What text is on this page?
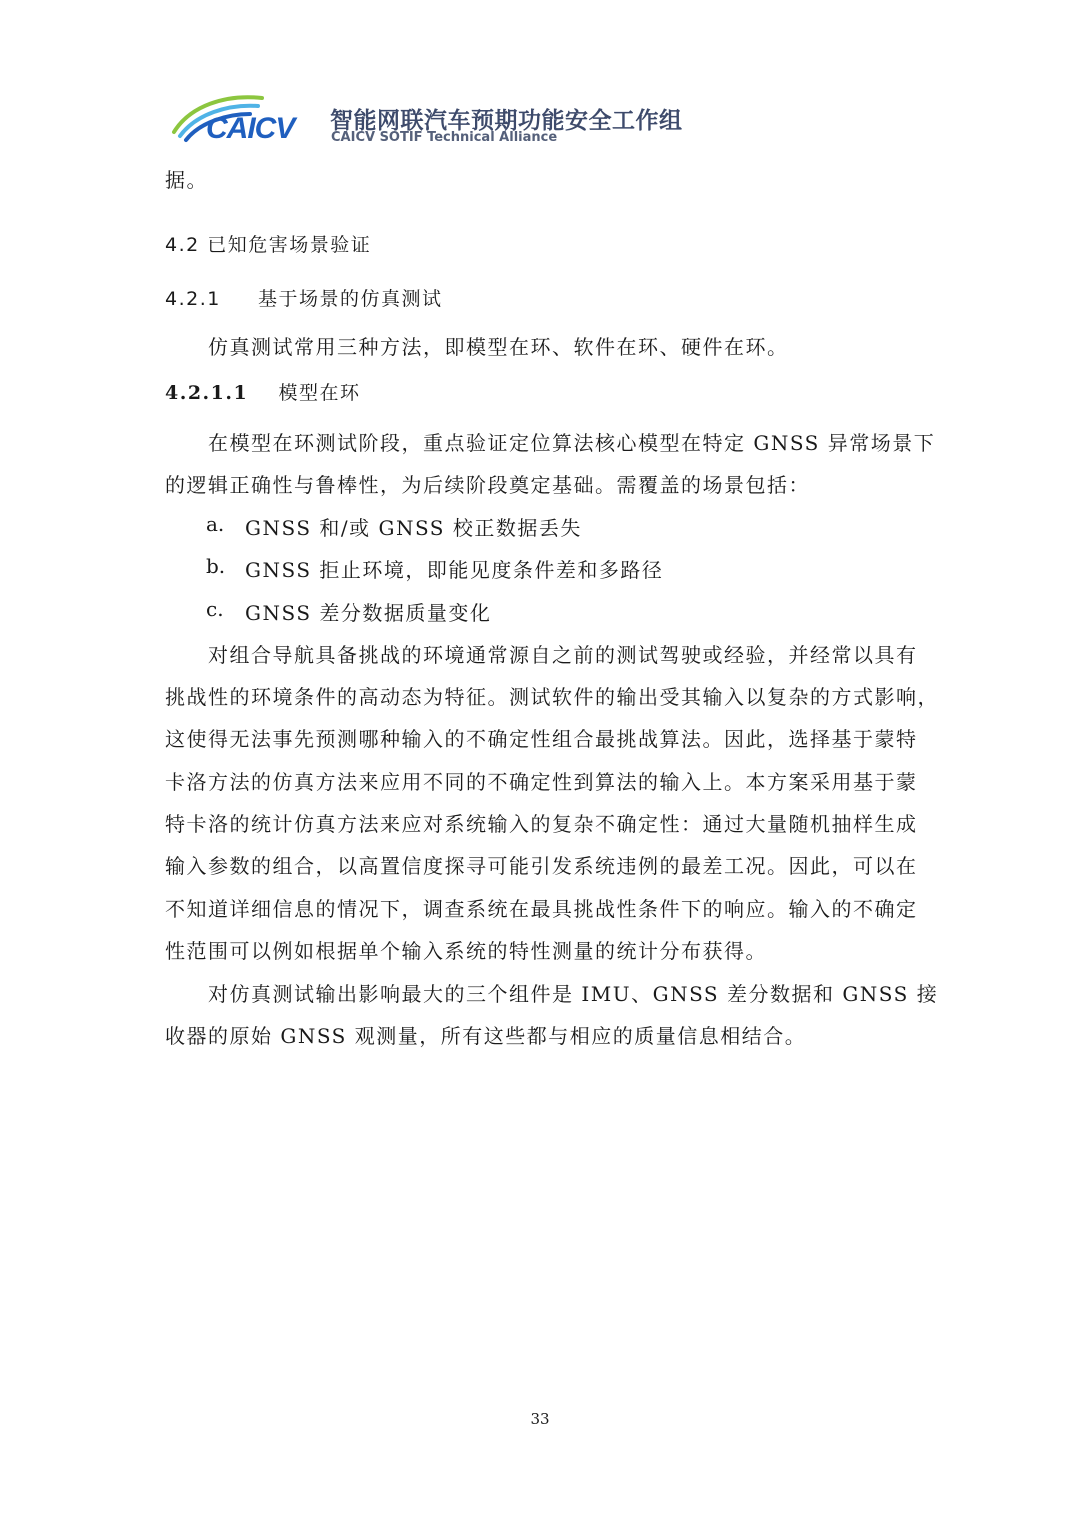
CAICV 智能网联汽车预期功能安全工作组
CAICV SOTIF Technical Alliance
据。
4.2 已知危害场景验证
4.2.1 基于场景的仿真测试
仿真测试常用三种方法，即模型在环、软件在环、硬件在环。
4.2.1.1 模型在环
在模型在环测试阶段，重点验证定位算法核心模型在特定 GNSS 异常场景下
的逻辑正确性与鲁棒性，为后续阶段奠定基础。需覆盖的场景包括：
a. GNSS 和/或 GNSS 校正数据丢失
b. GNSS 拒止环境，即能见度条件差和多路径
c. GNSS 差分数据质量变化
对组合导航具备挑战的环境通常源自之前的测试驾驶或经验，并经常以具有
挑战性的环境条件的高动态为特征。测试软件的输出受其输入以复杂的方式影响，
这使得无法事先预测哪种输入的不确定性组合最挑战算法。因此，选择基于蒙特
卡洛方法的仿真方法来应用不同的不确定性到算法的输入上。本方案采用基于蒙
特卡洛的统计仿真方法来应对系统输入的复杂不确定性：通过大量随机抽样生成
输入参数的组合，以高置信度探寻可能引发系统违例的最差工况。因此，可以在
不知道详细信息的情况下，调查系统在最具挑战性条件下的响应。输入的不确定
性范围可以例如根据单个输入系统的特性测量的统计分布获得。
对仿真测试输出影响最大的三个组件是 IMU、GNSS 差分数据和 GNSS 接
收器的原始 GNSS 观测量，所有这些都与相应的质量信息相结合。
33
